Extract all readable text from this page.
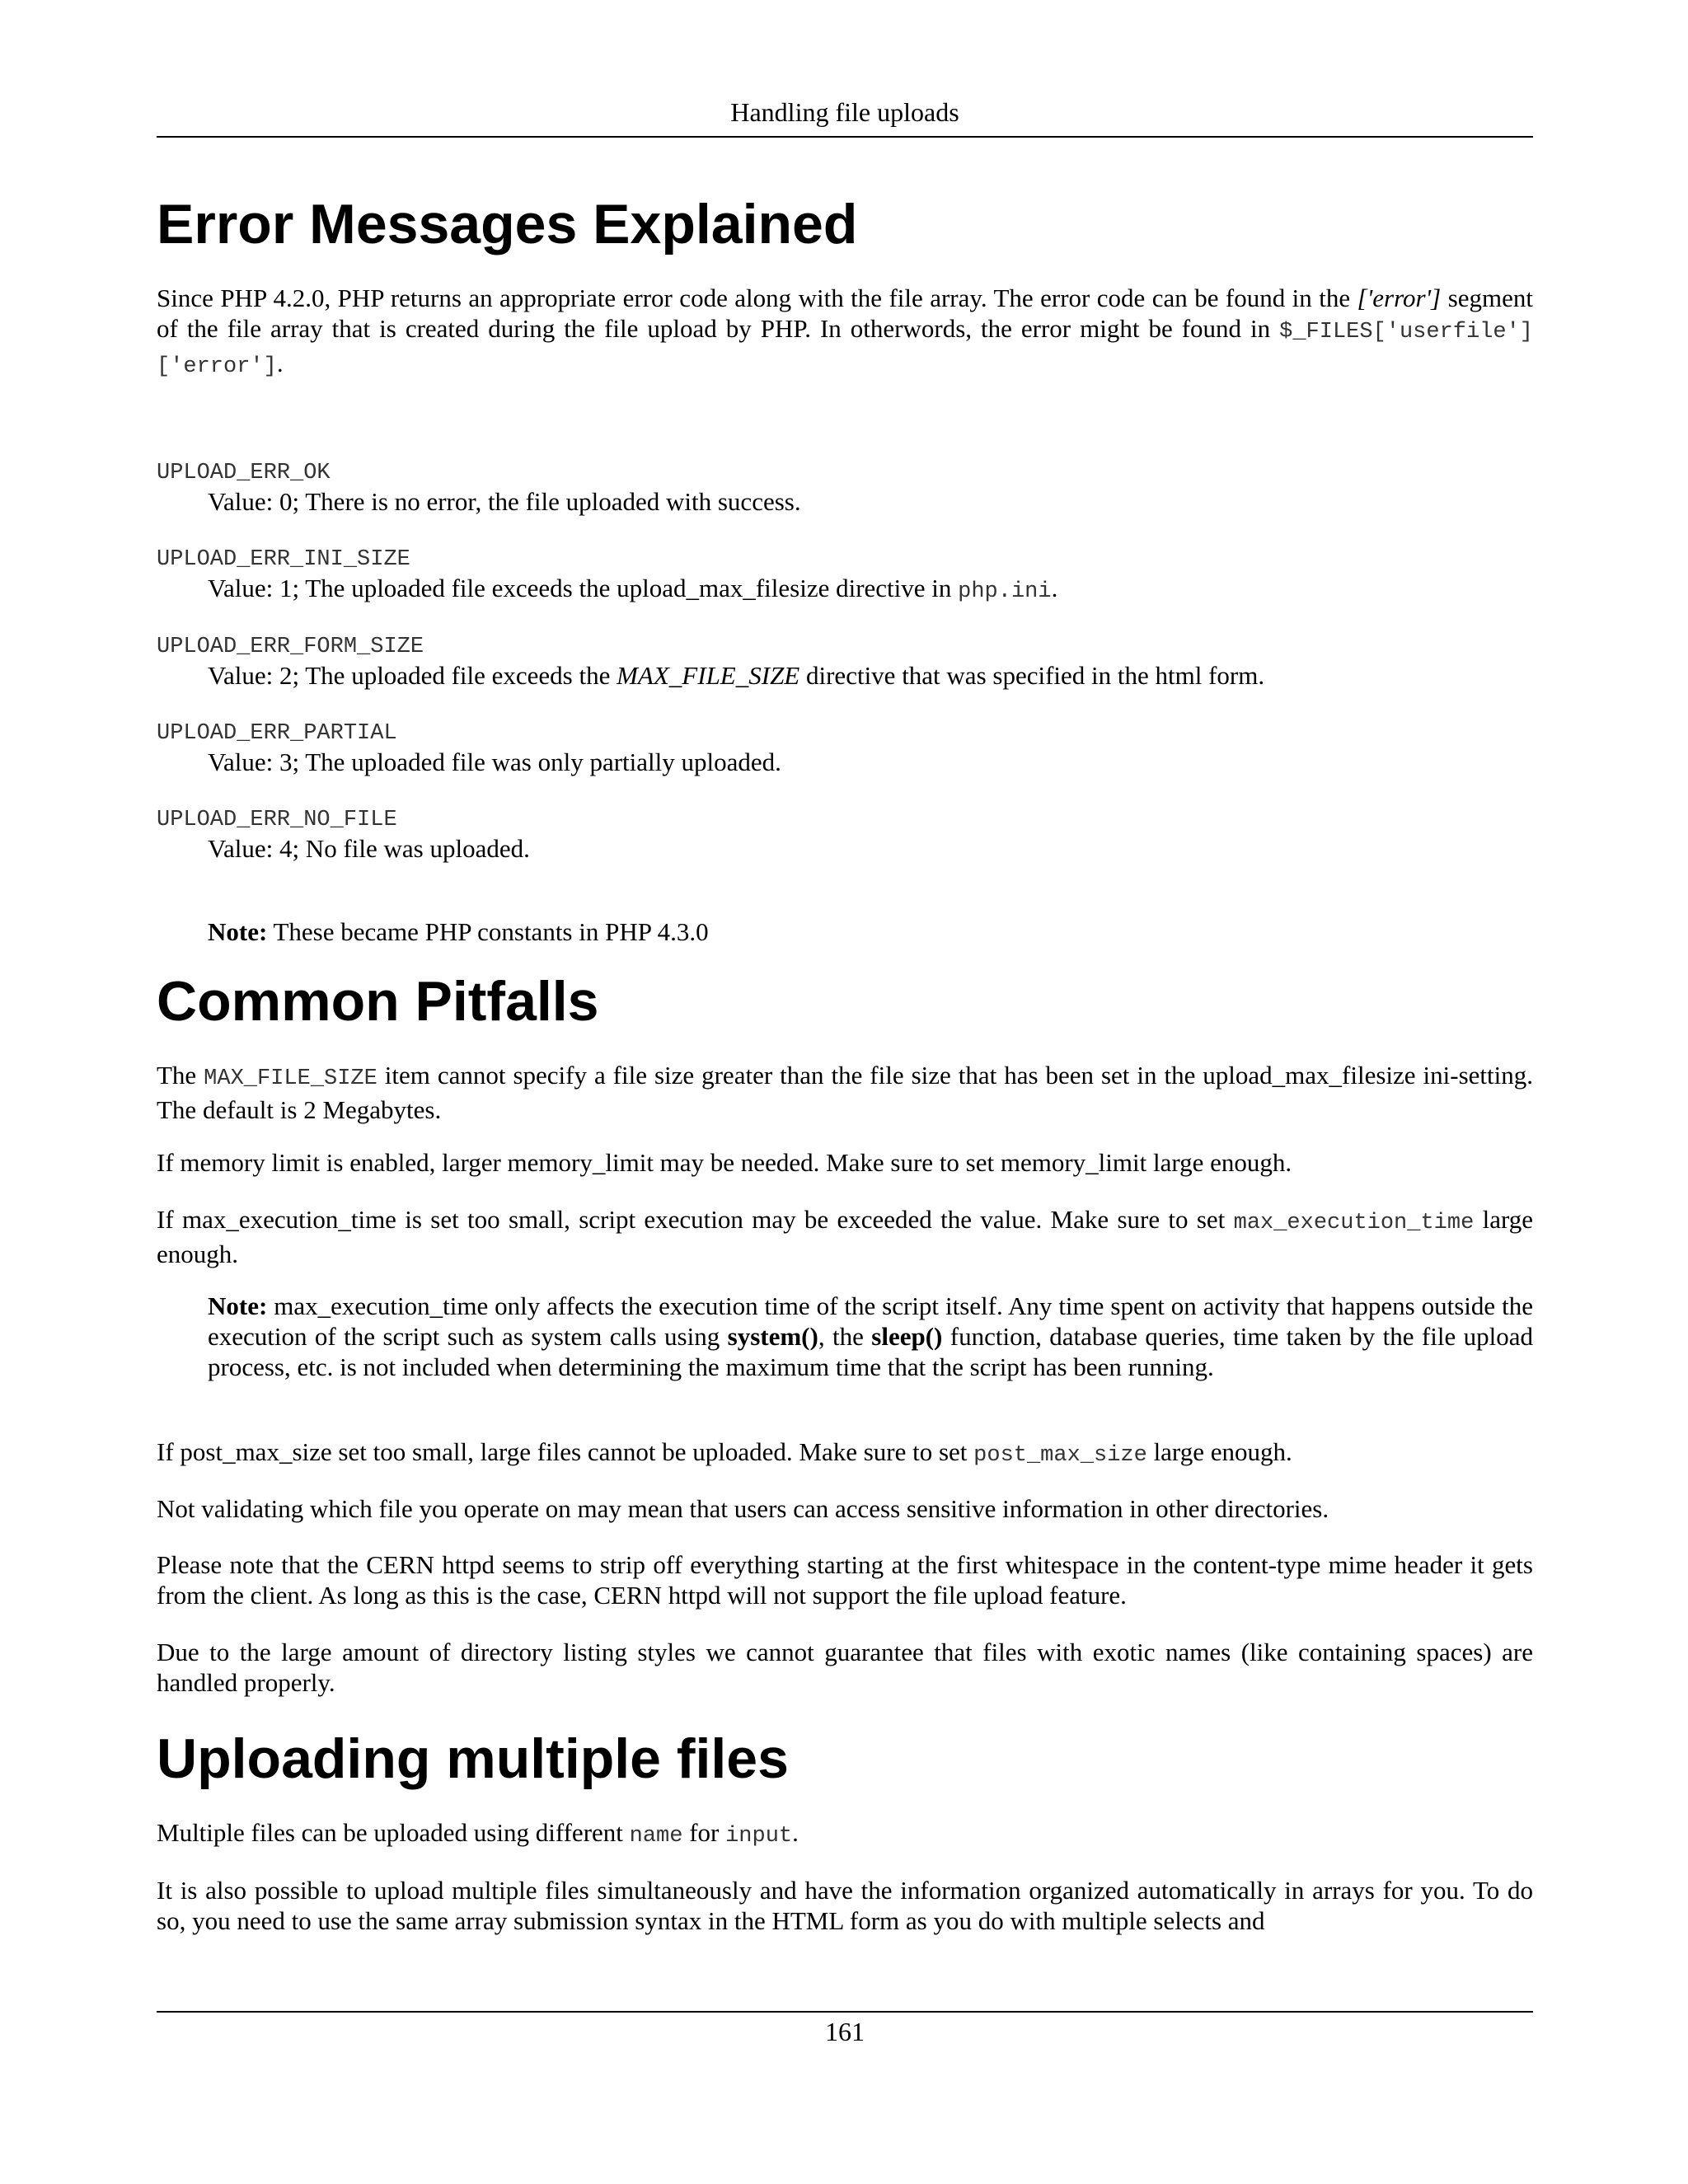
Handling file uploads
Error Messages Explained

Since PHP 4.2.0, PHP returns an appropriate error code along with the file array. The error code can be found in the ['error'] segment of the file array that is created during the file upload by PHP. In otherwords, the error might be found in $_FILES['userfile']['error'].

UPLOAD_ERR_OK
Value: 0; There is no error, the file uploaded with success.
UPLOAD_ERR_INI_SIZE
Value: 1; The uploaded file exceeds the upload_max_filesize directive in php.ini.
UPLOAD_ERR_FORM_SIZE
Value: 2; The uploaded file exceeds the MAX_FILE_SIZE directive that was specified in the html form.
UPLOAD_ERR_PARTIAL
Value: 3; The uploaded file was only partially uploaded.
UPLOAD_ERR_NO_FILE
Value: 4; No file was uploaded.

Note: These became PHP constants in PHP 4.3.0

Common Pitfalls

The MAX_FILE_SIZE item cannot specify a file size greater than the file size that has been set in the upload_max_filesize ini-setting. The default is 2 Megabytes.

If memory limit is enabled, larger memory_limit may be needed. Make sure to set memory_limit large enough.

If max_execution_time is set too small, script execution may be exceeded the value. Make sure to set max_execution_time large enough.

Note: max_execution_time only affects the execution time of the script itself. Any time spent on activity that happens outside the execution of the script such as system calls using system(), the sleep() function, database queries, time taken by the file upload process, etc. is not included when determining the maximum time that the script has been running.

If post_max_size set too small, large files cannot be uploaded. Make sure to set post_max_size large enough.

Not validating which file you operate on may mean that users can access sensitive information in other directories.

Please note that the CERN httpd seems to strip off everything starting at the first whitespace in the content-type mime header it gets from the client. As long as this is the case, CERN httpd will not support the file upload feature.

Due to the large amount of directory listing styles we cannot guarantee that files with exotic names (like containing spaces) are handled properly.

Uploading multiple files

Multiple files can be uploaded using different name for input.

It is also possible to upload multiple files simultaneously and have the information organized automatically in arrays for you. To do so, you need to use the same array submission syntax in the HTML form as you do with multiple selects and

161
